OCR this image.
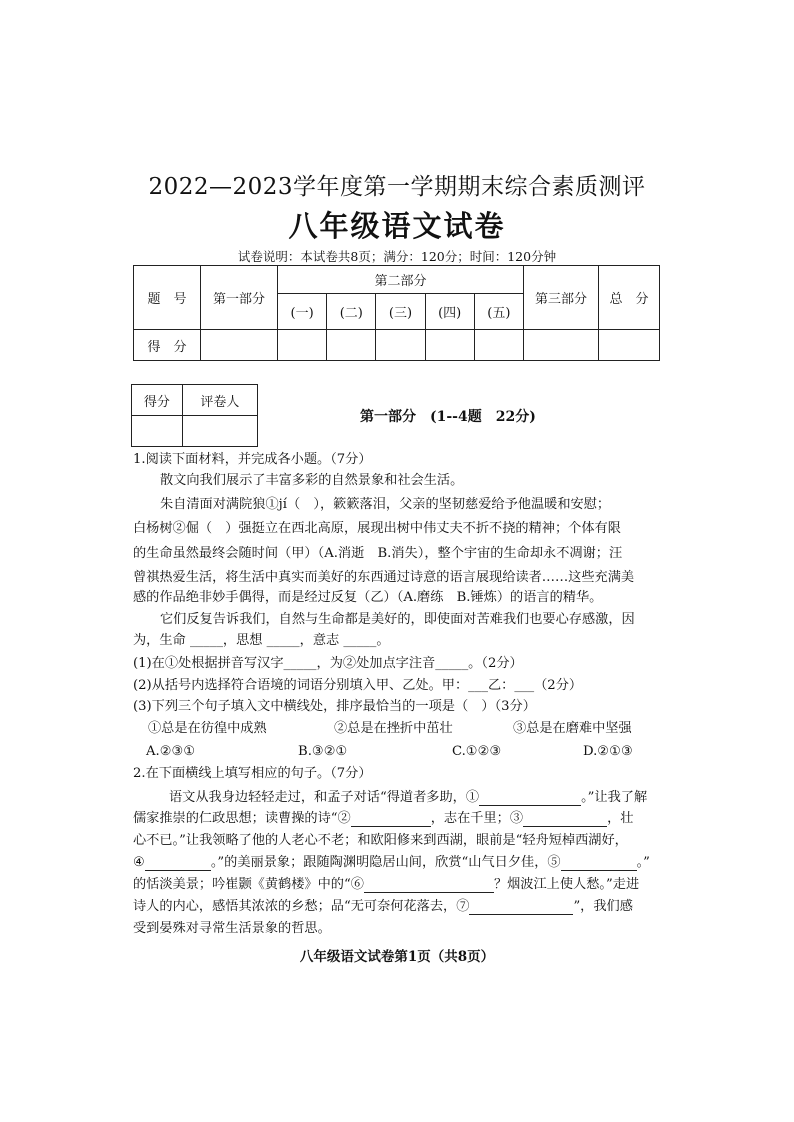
2022—2023学年度第一学期期末综合素质测评
八年级语文试卷
试卷说明：本试卷共8页；满分：120分；时间：120分钟
题　号	第一部分	第二部分					第三部分	总　分
		(一)	(二)	(三)	(四)	(五)		
得　分								
得分	评卷人

第一部分　(1--4题　22分)
1.阅读下面材料，并完成各小题。（7分）
散文向我们展示了丰富多彩的自然景象和社会生活。
朱自清面对满院狼①jí（　），簌簌落泪，父亲的坚韧慈爱给予他温暖和安慰；
白杨树②倔（　）强挺立在西北高原，展现出树中伟丈夫不折不挠的精神；个体有限
的生命虽然最终会随时间（甲）（A.消逝　B.消失），整个宇宙的生命却永不凋谢；汪
曾祺热爱生活，将生活中真实而美好的东西通过诗意的语言展现给读者……这些充满美
感的作品绝非妙手偶得，而是经过反复（乙）（A.磨练　B.锤炼）的语言的精华。
它们反复告诉我们，自然与生命都是美好的，即使面对苦难我们也要心存感激，因
为，生命 _____，思想 _____，意志 _____。
(1)在①处根据拼音写汉字_____，为②处加点字注音_____。（2分）
(2)从括号内选择符合语境的词语分别填入甲、乙处。甲：___乙：___（2分）
(3)下列三个句子填入文中横线处，排序最恰当的一项是（　）（3分）
①总是在彷徨中成熟	②总是在挫折中茁壮	③总是在磨难中坚强
A.②③①	B.③②①	C.①②③	D.②①③
2.在下面横线上填写相应的句子。（7分）
语文从我身边轻轻走过，和孟子对话“得道者多助，①	。”让我了解
儒家推崇的仁政思想；读曹操的诗“②	，志在千里；③	，壮
心不已。”让我领略了他的人老心不老；和欧阳修来到西湖，眼前是“轻舟短棹西湖好，
④	。”的美丽景象；跟随陶渊明隐居山间，欣赏“山气日夕佳，⑤	。”
的恬淡美景；吟崔颢《黄鹤楼》中的“⑥	？烟波江上使人愁。”走进
诗人的内心，感悟其浓浓的乡愁；品“无可奈何花落去，⑦	”，我们感
受到晏殊对寻常生活景象的哲思。
八年级语文试卷第1页（共8页）
